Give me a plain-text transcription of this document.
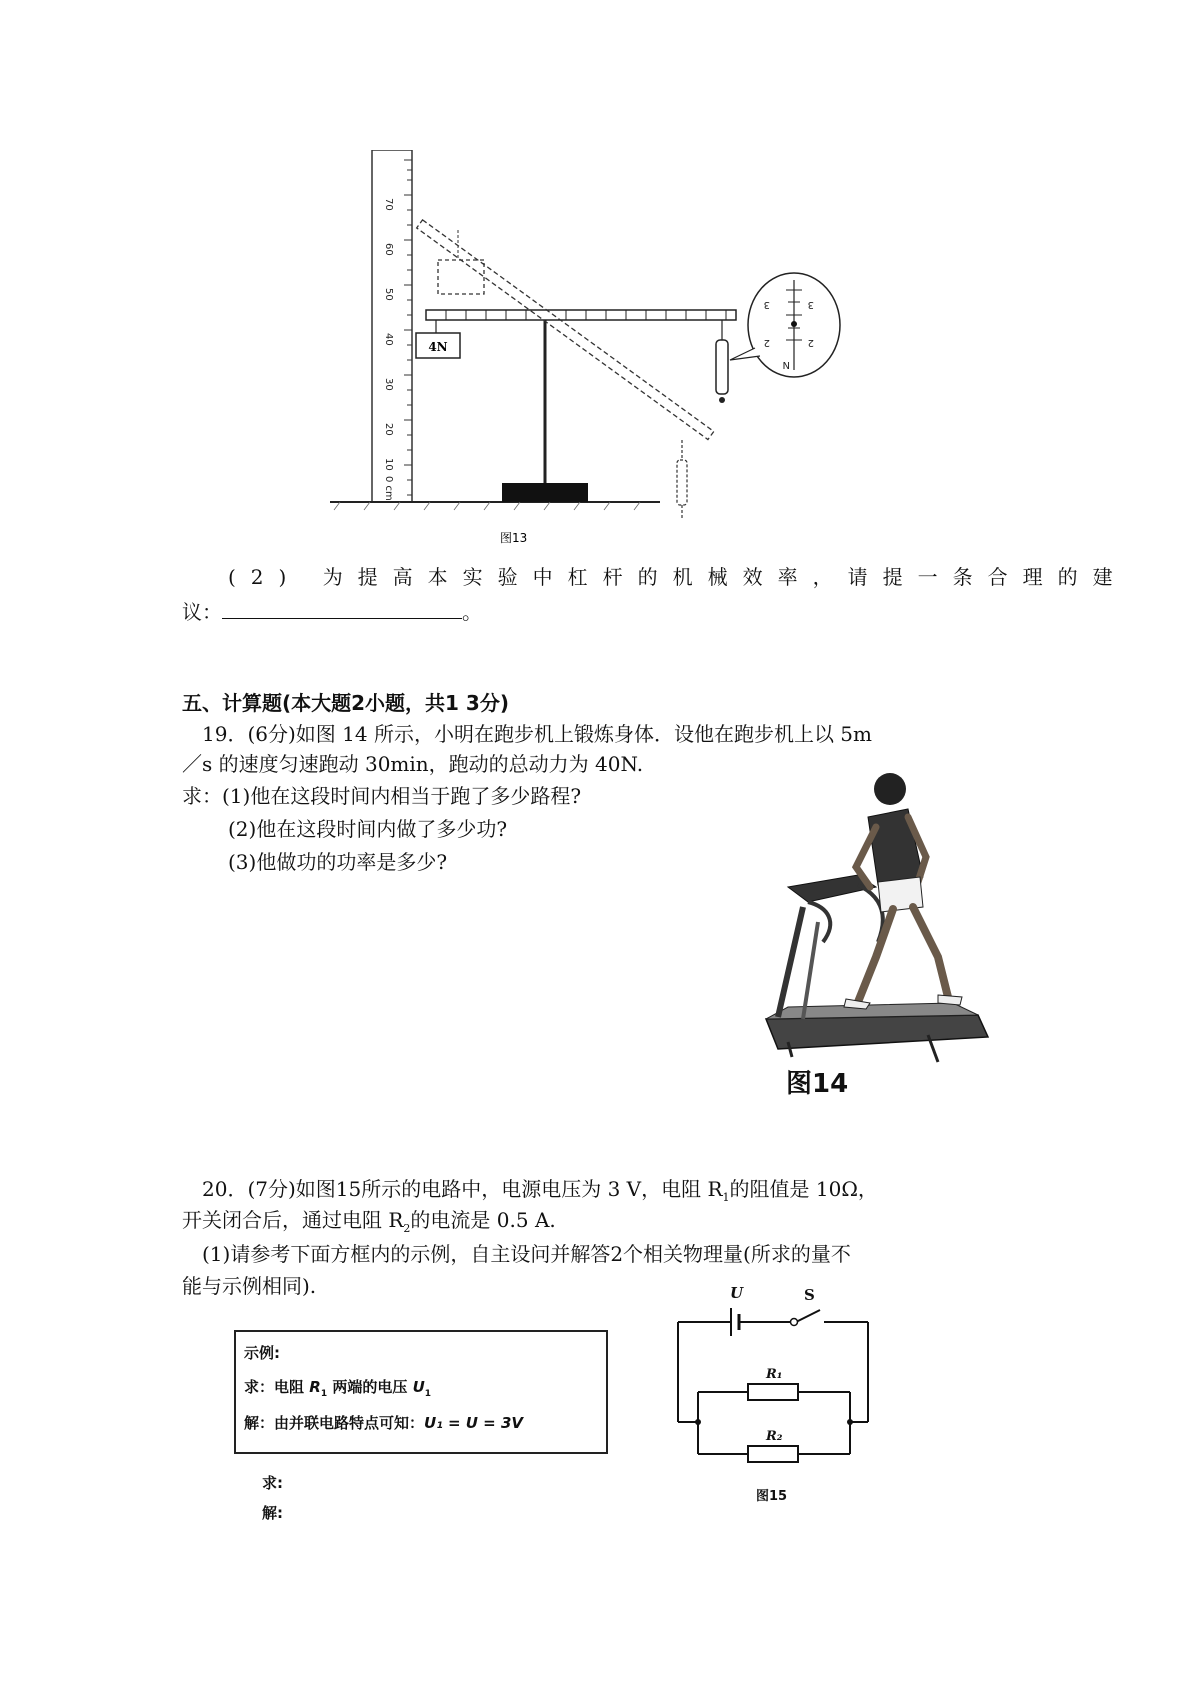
70
60
50
40
30
20
10
0 cm
4N
3	3
2	2
N
图13
(2) 为提高本实验中杠杆的机械效率，请提一条合理的建
议：	。
五、计算题(本大题2小题，共1 3分)
19．(6分)如图 14 所示，小明在跑步机上锻炼身体．设他在跑步机上以 5m
／s 的速度匀速跑动 30min，跑动的总动力为 40N.
求：(1)他在这段时间内相当于跑了多少路程?
(2)他在这段时间内做了多少功?
(3)他做功的功率是多少?
图14
20．(7分)如图15所示的电路中，电源电压为 3 V，电阻 $R_1$的阻值是 10Ω，
开关闭合后，通过电阻 $R_2$的电流是 0.5 A.
(1)请参考下面方框内的示例，自主设问并解答2个相关物理量(所求的量不
能与示例相同).
示例:
求：电阻 $R_1$ 两端的电压 $U_1$
解：由并联电路特点可知：U₁ = U = 3V
求:
解:
U	S
R₁
R₂
图15
